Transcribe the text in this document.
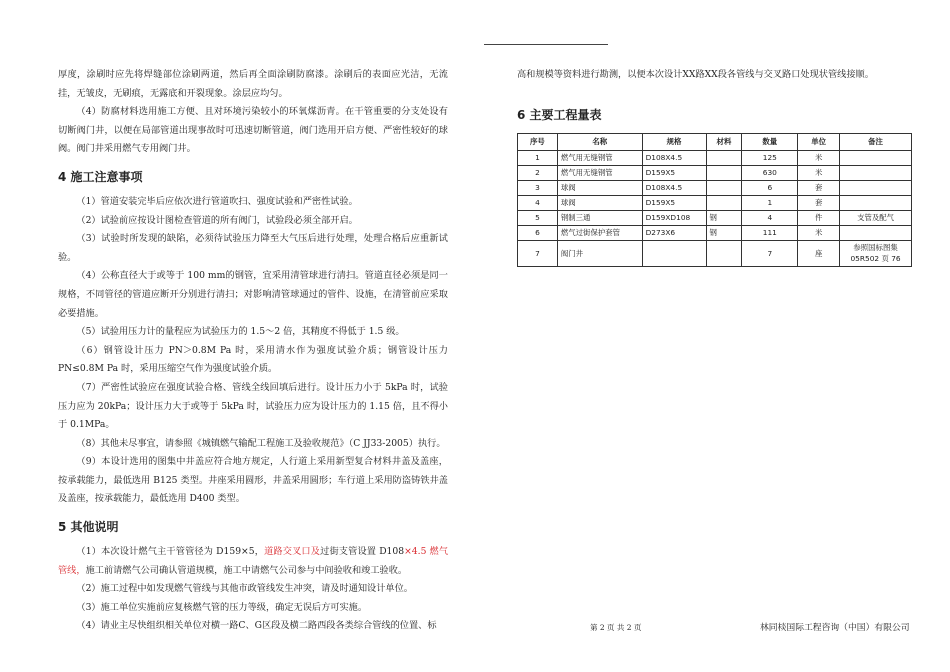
厚度，涂刷时应先将焊缝部位涂刷两道，然后再全面涂刷防腐漆。涂刷后的表面应光洁，无流挂，无皱皮，无刷痕，无露底和开裂现象。涂层应均匀。

（4）防腐材料选用施工方便、且对环境污染较小的环氧煤沥青。在干管重要的分支处设有切断阀门井，以便在局部管道出现事故时可迅速切断管道，阀门选用开启方便、严密性较好的球阀。阀门井采用燃气专用阀门井。

4 施工注意事项

（1）管道安装完毕后应依次进行管道吹扫、强度试验和严密性试验。

（2）试验前应按设计图检查管道的所有阀门，试验段必须全部开启。

（3）试验时所发现的缺陷，必须待试验压力降至大气压后进行处理，处理合格后应重新试验。

（4）公称直径大于或等于 100 mm的钢管，宜采用清管球进行清扫。管道直径必须是同一规格，不同管径的管道应断开分别进行清扫；对影响清管球通过的管件、设施，在清管前应采取必要措施。

（5）试验用压力计的量程应为试验压力的 1.5～2 倍，其精度不得低于 1.5 级。

（6）钢管设计压力 PN＞0.8M Pa 时，采用清水作为强度试验介质；钢管设计压力 PN≤0.8M Pa 时，采用压缩空气作为强度试验介质。

（7）严密性试验应在强度试验合格、管线全线回填后进行。设计压力小于 5kPa 时，试验压力应为 20kPa；设计压力大于或等于 5kPa 时，试验压力应为设计压力的 1.15 倍，且不得小于 0.1MPa。

（8）其他未尽事宜，请参照《城镇燃气输配工程施工及验收规范》（C JJ33-2005）执行。

（9）本设计选用的图集中井盖应符合地方规定，人行道上采用新型复合材料井盖及盖座，按承载能力，最低选用 B125 类型。井座采用圆形，井盖采用圆形；车行道上采用防盗铸铁井盖及盖座，按承载能力，最低选用 D400 类型。

5 其他说明

（1）本次设计燃气主干管管径为 D159×5，道路交叉口及过街支管设置 D108×4.5 燃气管线，施工前请燃气公司确认管道规模，施工中请燃气公司参与中间验收和竣工验收。

（2）施工过程中如发现燃气管线与其他市政管线发生冲突，请及时通知设计单位。

（3）施工单位实施前应复核燃气管的压力等级，确定无误后方可实施。

（4）请业主尽快组织相关单位对横一路C、G区段及横二路西段各类综合管线的位置、标

高和规模等资料进行勘测，以便本次设计XX路XX段各管线与交叉路口处现状管线接顺。

6 主要工程量表
序号	名称	规格	材料	数量	单位	备注
1	燃气用无缝钢管	D108X4.5		125	米	
2	燃气用无缝钢管	D159X5		630	米	
3	球阀	D108X4.5		6	套	
4	球阀	D159X5		1	套	
5	钢制三通	D159XD108	钢	4	件	支管及配气
6	燃气过街保护套管	D273X6	钢	111	米	
7	阀门井			7	座	参照国标图集 05R502 页 76
第 2 页 共 2 页	林同棪国际工程咨询（中国）有限公司
